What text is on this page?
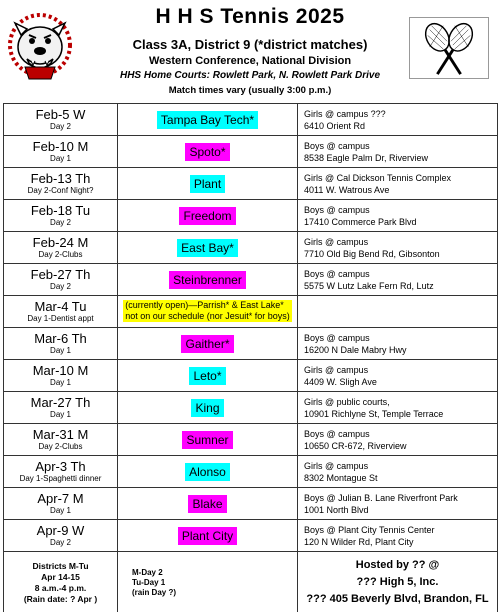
H H S Tennis 2025
Class 3A, District 9 (*district matches)
Western Conference, National Division
HHS Home Courts: Rowlett Park, N. Rowlett Park Drive
Match times vary (usually 3:00 p.m.)
Feb-5 W
Day 2	Tampa Bay Tech*	Girls @ campus ???
6410 Orient Rd

Feb-10 M
Day 1	Spoto*	Boys @ campus
8538 Eagle Palm Dr, Riverview

Feb-13 Th
Day 2-Conf Night?	Plant	Girls @ Cal Dickson Tennis Complex
4011 W. Watrous Ave

Feb-18 Tu
Day 2	Freedom	Boys @ campus
17410 Commerce Park Blvd

Feb-24 M
Day 2-Clubs	East Bay*	Girls @ campus
7710 Old Big Bend Rd, Gibsonton

Feb-27 Th
Day 2	Steinbrenner	Boys @ campus
5575 W Lutz Lake Fern Rd, Lutz

Mar-4 Tu
Day 1-Dentist appt	(currently open)—Parrish* & East Lake*
not on our schedule (nor Jesuit* for boys)	

Mar-6 Th
Day 1	Gaither*	Boys @ campus
16200 N Dale Mabry Hwy

Mar-10 M
Day 1	Leto*	Girls @ campus
4409 W. Sligh Ave

Mar-27 Th
Day 1	King	Girls @ public courts,
10901 Richlyne St, Temple Terrace

Mar-31 M
Day 2-Clubs	Sumner	Boys @ campus
10650 CR-672, Riverview

Apr-3 Th
Day 1-Spaghetti dinner	Alonso	Girls @ campus
8302 Montague St

Apr-7 M
Day 1	Blake	Boys @ Julian B. Lane Riverfront Park
1001 North Blvd

Apr-9 W
Day 2	Plant City	Boys @ Plant City Tennis Center
120 N Wilder Rd, Plant City

Districts M-Tu
Apr 14-15
8 a.m.-4 p.m.
(Rain date: ? Apr )	M-Day 2
Tu-Day 1
(rain Day ?)	Hosted by ?? @
??? High 5, Inc.
??? 405 Beverly Blvd, Brandon, FL
